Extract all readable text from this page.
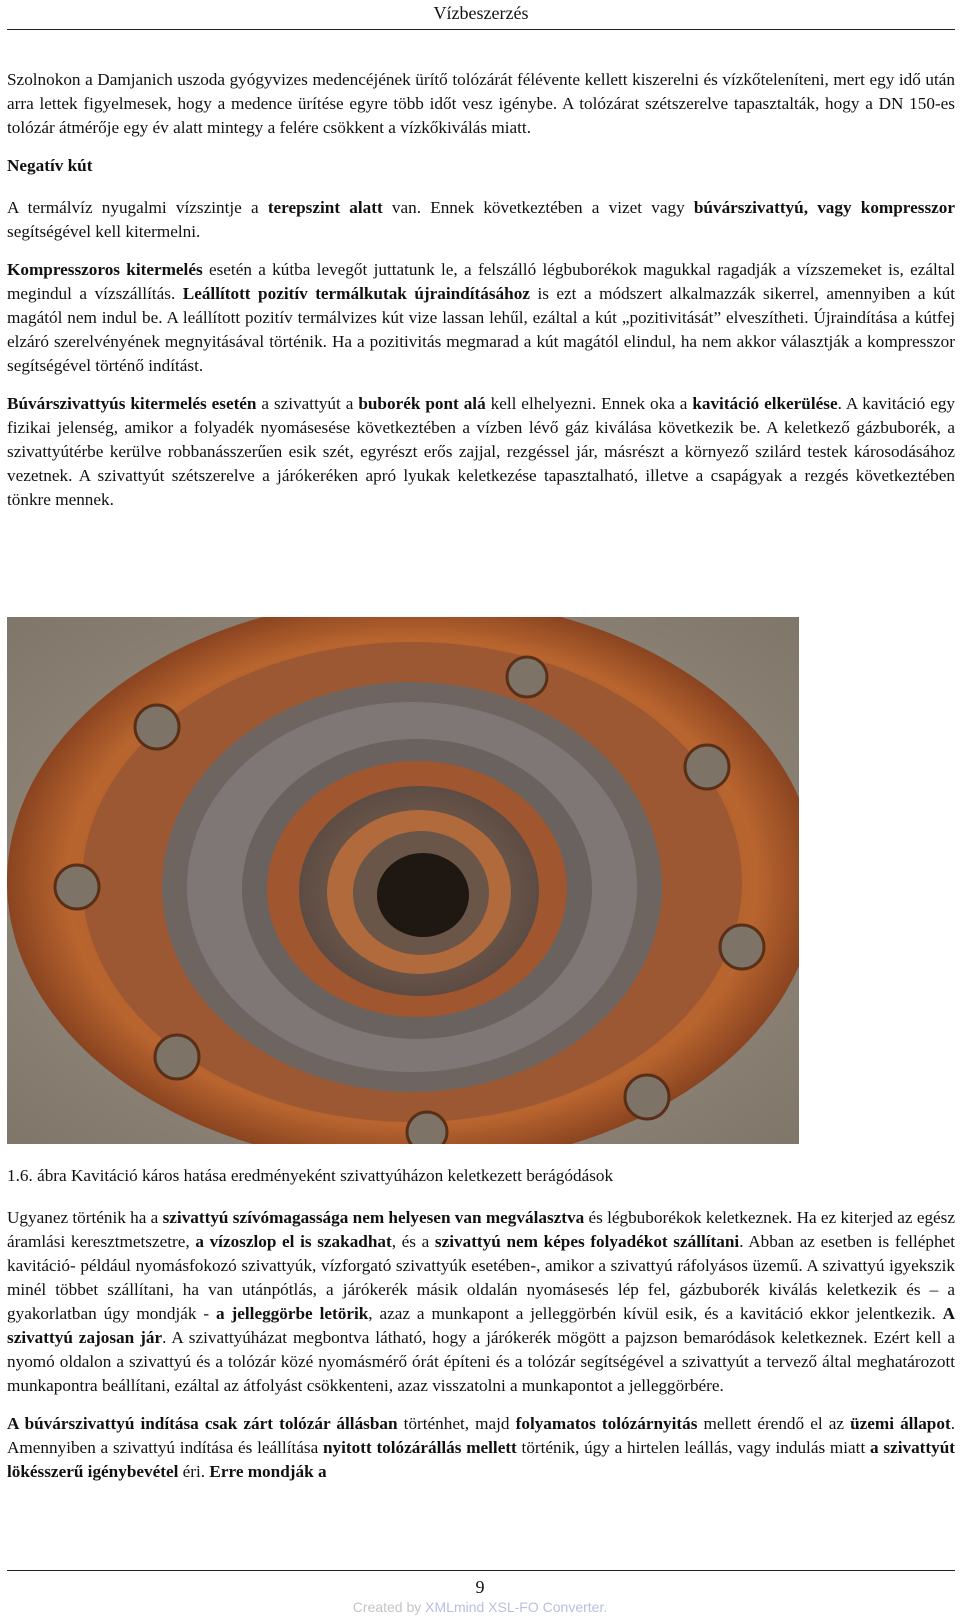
Vízbeszerzés

Szolnokon a Damjanich uszoda gyógyvizes medencéjének ürítő tolózárát félévente kellett kiszerelni és vízkőteleníteni, mert egy idő után arra lettek figyelmesek, hogy a medence ürítése egyre több időt vesz igénybe. A tolózárat szétszerelve tapasztalták, hogy a DN 150-es tolózár átmérője egy év alatt mintegy a felére csökkent a vízkőkiválás miatt.

Negatív kút

A termálvíz nyugalmi vízszintje a terepszint alatt van. Ennek következtében a vizet vagy búvárszivattyú, vagy kompresszor segítségével kell kitermelni.

Kompresszoros kitermelés esetén a kútba levegőt juttatunk le, a felszálló légbuborékok magukkal ragadják a vízszemeket is, ezáltal megindul a vízszállítás. Leállított pozitív termálkutak újraindításához is ezt a módszert alkalmazzák sikerrel, amennyiben a kút magától nem indul be. A leállított pozitív termálvizes kút vize lassan lehűl, ezáltal a kút „pozitivitását” elveszítheti. Újraindítása a kútfej elzáró szerelvényének megnyitásával történik. Ha a pozitivitás megmarad a kút magától elindul, ha nem akkor választják a kompresszor segítségével történő indítást.

Búvárszivattyús kitermelés esetén a szivattyút a buborék pont alá kell elhelyezni. Ennek oka a kavitáció elkerülése. A kavitáció egy fizikai jelenség, amikor a folyadék nyomásesése következtében a vízben lévő gáz kiválása következik be. A keletkező gázbuborék, a szivattyútérbe kerülve robbanásszerűen esik szét, egyrészt erős zajjal, rezgéssel jár, másrészt a környező szilárd testek károsodásához vezetnek. A szivattyút szétszerelve a járókeréken apró lyukak keletkezése tapasztalható, illetve a csapágyak a rezgés következtében tönkre mennek.

1.6. ábra Kavitáció káros hatása eredményeként szivattyúházon keletkezett berágódások

Ugyanez történik ha a szivattyú szívómagassága nem helyesen van megválasztva és légbuborékok keletkeznek. Ha ez kiterjed az egész áramlási keresztmetszetre, a vízoszlop el is szakadhat, és a szivattyú nem képes folyadékot szállítani. Abban az esetben is felléphet kavitáció- például nyomásfokozó szivattyúk, vízforgató szivattyúk esetében-, amikor a szivattyú ráfolyásos üzemű. A szivattyú igyekszik minél többet szállítani, ha van utánpótlás, a járókerék másik oldalán nyomásesés lép fel, gázbuborék kiválás keletkezik és – a gyakorlatban úgy mondják - a jelleggörbe letörik, azaz a munkapont a jelleggörbén kívül esik, és a kavitáció ekkor jelentkezik. A szivattyú zajosan jár. A szivattyúházat megbontva látható, hogy a járókerék mögött a pajzson bemaródások keletkeznek. Ezért kell a nyomó oldalon a szivattyú és a tolózár közé nyomásmérő órát építeni és a tolózár segítségével a szivattyút a tervező által meghatározott munkapontra beállítani, ezáltal az átfolyást csökkenteni, azaz visszatolni a munkapontot a jelleggörbére.

A búvárszivattyú indítása csak zárt tolózár állásban történhet, majd folyamatos tolózárnyitás mellett érendő el az üzemi állapot. Amennyiben a szivattyú indítása és leállítása nyitott tolózárállás mellett történik, úgy a hirtelen leállás, vagy indulás miatt a szivattyút lökésszerű igénybevétel éri. Erre mondják a

9
Created by XMLmind XSL-FO Converter.
